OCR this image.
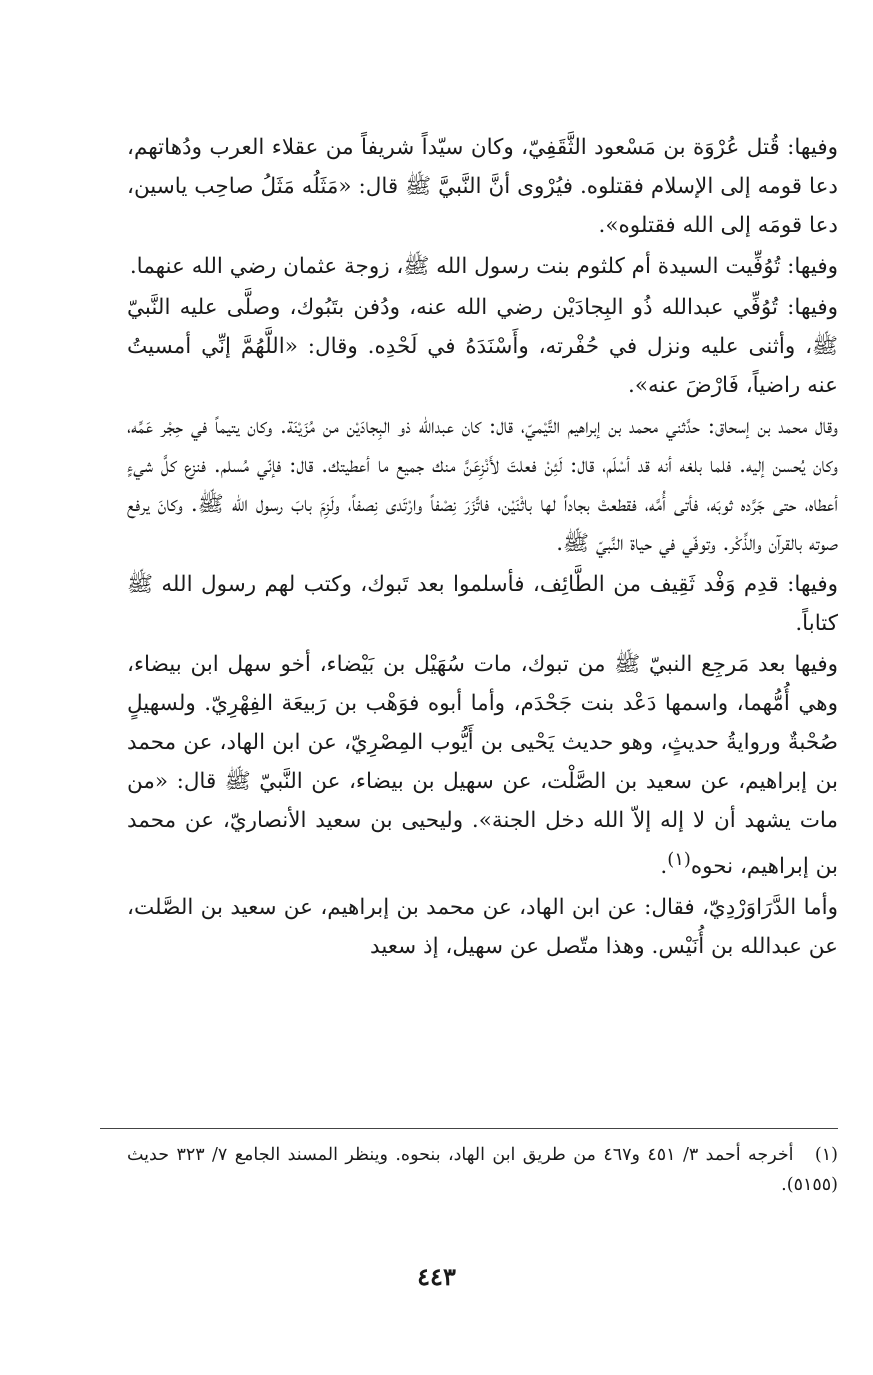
وفيها: قُتل عُرْوَة بن مَسْعود الثَّقَفِيّ، وكان سيّداً شريفاً من عقلاء العرب ودُهاتهم، دعا قومه إلى الإسلام فقتلوه. فيُرْوى أنَّ النَّبيَّ ﷺ قال: «مَثَلُه مَثَلُ صاحِب ياسين، دعا قومَه إلى الله فقتلوه».

وفيها: تُوُفِّيت السيدة أم كلثوم بنت رسول الله ﷺ، زوجة عثمان رضي الله عنهما.

وفيها: تُوُفِّي عبدالله ذُو البِجادَيْن رضي الله عنه، ودُفن بتَبُوك، وصلَّى عليه النَّبيّ ﷺ، وأثنى عليه ونزل في حُفْرته، وأَسْنَدَهُ في لَحْدِه. وقال: «اللَّهُمَّ إنِّي أمسيتُ عنه راضياً، فَارْضَ عنه».

وقال محمد بن إسحاق: حدَّثني محمد بن إبراهيم التَّيْميّ، قال: كان عبدالله ذو البِجادَيْن من مُزَيْنَة. وكان يتيماً في حِجْر عَمِّه، وكان يُحسن إليه. فلما بلغه أنه قد أسْلَم، قال: لَئِنْ فعلتَ لأَنْزِعَنَّ منك جميع ما أعطيتك. قال: فإنّي مُسلم. فنزع كلَّ شيءٍ أعطاه، حتى جَرَّده ثوبَه، فأتى أُمَّه، فقطعتْ بجاداً لها باثْنَيْن، فاتَّزَرَ نِصْفاً وارْتَدى نِصفاً، ولَزِمَ بابَ رسول الله ﷺ. وكانَ يرفع صوته بالقرآن والذِّكْر. وتوفّي في حياة النَّبيّ ﷺ.

وفيها: قدِم وَفْد ثَقِيف من الطَّائِف، فأسلموا بعد تَبوك، وكتب لهم رسول الله ﷺ كتاباً.

وفيها بعد مَرجِع النبيّ ﷺ من تبوك، مات سُهَيْل بن بَيْضاء، أخو سهل ابن بيضاء، وهي أُمُّهما، واسمها دَعْد بنت جَحْدَم، وأما أبوه فوَهْب بن رَبيعَة الفِهْرِيّ. ولسهيلٍ صُحْبةٌ وروايةُ حديثٍ، وهو حديث يَحْيى بن أَيُّوب المِصْرِيّ، عن ابن الهاد، عن محمد بن إبراهيم، عن سعيد بن الصَّلْت، عن سهيل بن بيضاء، عن النَّبيّ ﷺ قال: «من مات يشهد أن لا إله إلاّ الله دخل الجنة». وليحيى بن سعيد الأنصاريّ، عن محمد بن إبراهيم، نحوه$^{(١)}$.

وأما الدَّرَاوَرْدِيّ، فقال: عن ابن الهاد، عن محمد بن إبراهيم، عن سعيد بن الصَّلت، عن عبدالله بن أُنَيْس. وهذا متّصل عن سهيل، إذ سعيد

(١) أخرجه أحمد ٣/ ٤٥١ و٤٦٧ من طريق ابن الهاد، بنحوه. وينظر المسند الجامع ٧/ ٣٢٣ حديث (٥١٥٥).
٤٤٣
